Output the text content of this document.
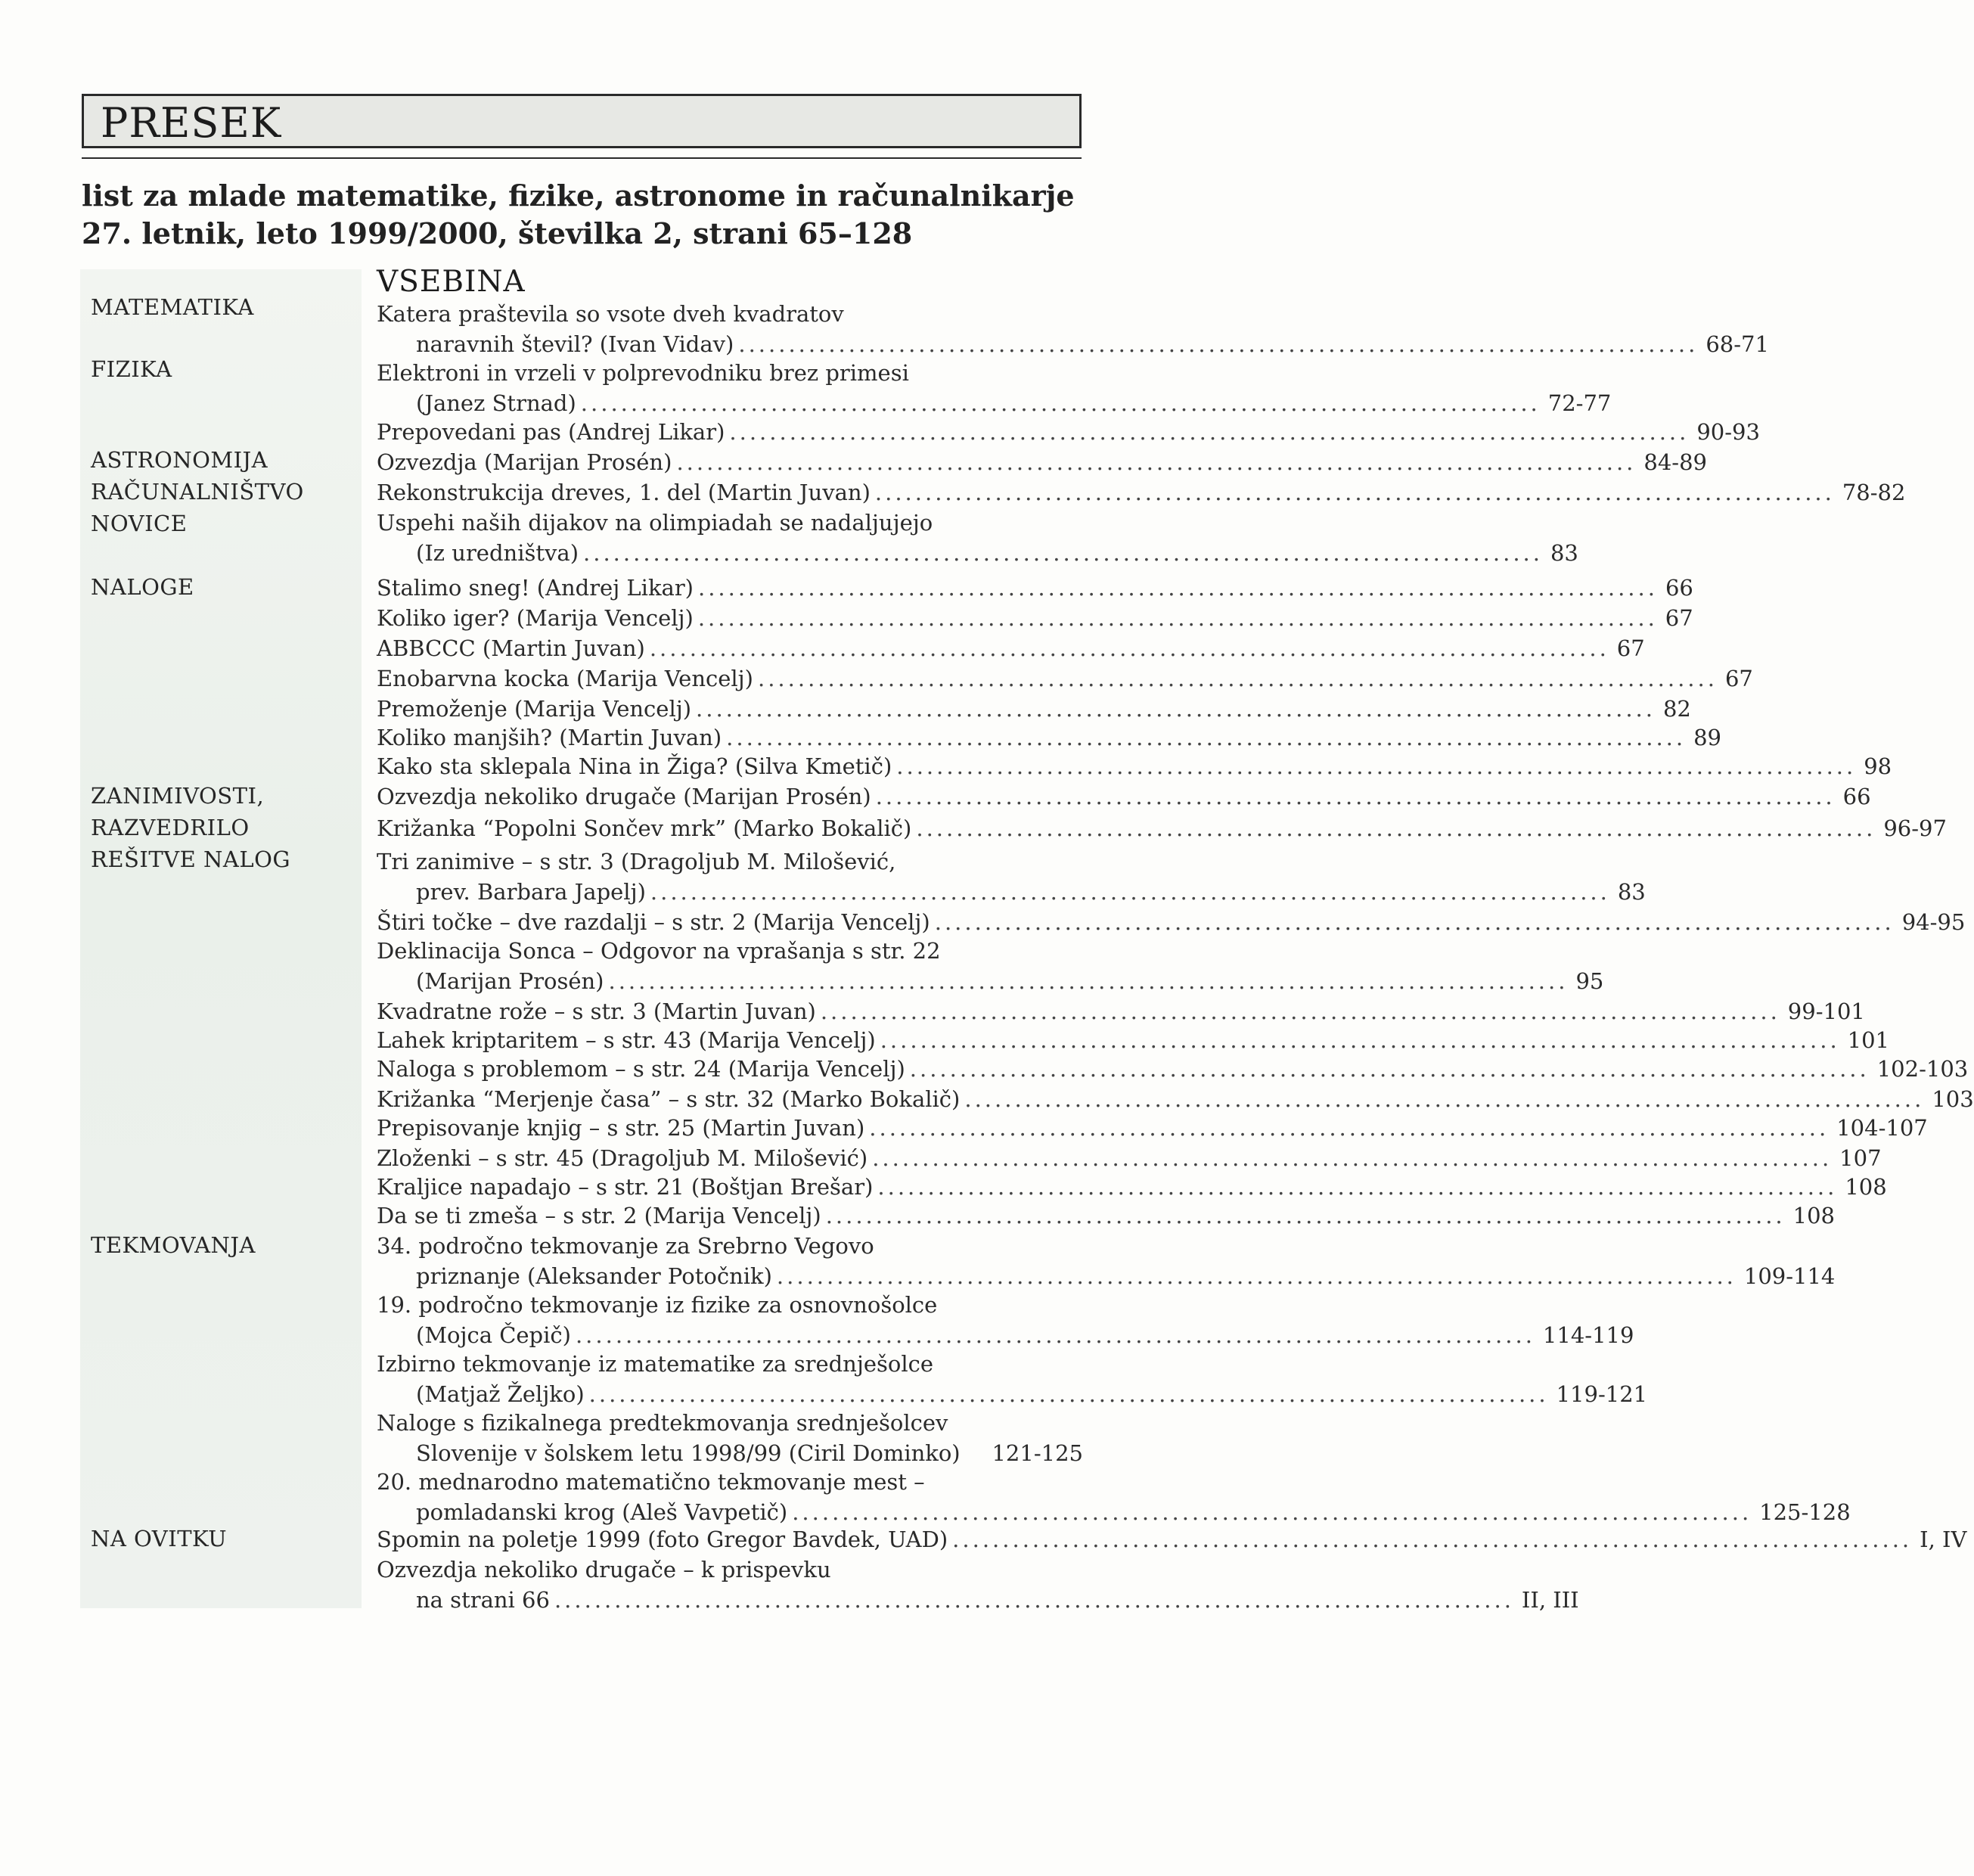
PRESEK
list za mlade matematike, fizike, astronome in računalnikarje
27. letnik, leto 1999/2000, številka 2, strani 65–128
MATEMATIKA
FIZIKA
ASTRONOMIJA
RAČUNALNIŠTVO
NOVICE
NALOGE
ZANIMIVOSTI,
RAZVEDRILO
REŠITVE NALOG
TEKMOVANJA
NA OVITKU
VSEBINA
Katera praštevila so vsote dveh kvadratov
naravnih števil? (Ivan Vidav) ................................................................................................ 68-71
Elektroni in vrzeli v polprevodniku brez primesi
(Janez Strnad) ................................................................................................ 72-77
Prepovedani pas (Andrej Likar) ................................................................................................ 90-93
Ozvezdja (Marijan Prosén) ................................................................................................ 84-89
Rekonstrukcija dreves, 1. del (Martin Juvan) ................................................................................................ 78-82
Uspehi naših dijakov na olimpiadah se nadaljujejo
(Iz uredništva) ................................................................................................ 83
Stalimo sneg! (Andrej Likar) ................................................................................................ 66
Koliko iger? (Marija Vencelj) ................................................................................................ 67
ABBCCC (Martin Juvan) ................................................................................................ 67
Enobarvna kocka (Marija Vencelj) ................................................................................................ 67
Premoženje (Marija Vencelj) ................................................................................................ 82
Koliko manjših? (Martin Juvan) ................................................................................................ 89
Kako sta sklepala Nina in Žiga? (Silva Kmetič) ................................................................................................ 98
Ozvezdja nekoliko drugače (Marijan Prosén) ................................................................................................ 66
Križanka “Popolni Sončev mrk” (Marko Bokalič) ................................................................................................ 96-97
Tri zanimive – s str. 3 (Dragoljub M. Milošević,
prev. Barbara Japelj) ................................................................................................ 83
Štiri točke – dve razdalji – s str. 2 (Marija Vencelj) ................................................................................................ 94-95
Deklinacija Sonca – Odgovor na vprašanja s str. 22
(Marijan Prosén) ................................................................................................ 95
Kvadratne rože – s str. 3 (Martin Juvan) ................................................................................................ 99-101
Lahek kriptaritem – s str. 43 (Marija Vencelj) ................................................................................................ 101
Naloga s problemom – s str. 24 (Marija Vencelj) ................................................................................................ 102-103
Križanka “Merjenje časa” – s str. 32 (Marko Bokalič) ................................................................................................ 103
Prepisovanje knjig – s str. 25 (Martin Juvan) ................................................................................................ 104-107
Zloženki – s str. 45 (Dragoljub M. Milošević) ................................................................................................ 107
Kraljice napadajo – s str. 21 (Boštjan Brešar) ................................................................................................ 108
Da se ti zmeša – s str. 2 (Marija Vencelj) ................................................................................................ 108
34. področno tekmovanje za Srebrno Vegovo
priznanje (Aleksander Potočnik) ................................................................................................ 109-114
19. področno tekmovanje iz fizike za osnovnošolce
(Mojca Čepič) ................................................................................................ 114-119
Izbirno tekmovanje iz matematike za srednješolce
(Matjaž Željko) ................................................................................................ 119-121
Naloge s fizikalnega predtekmovanja srednješolcev
Slovenije v šolskem letu 1998/99 (Ciril Dominko) 121-125
20. mednarodno matematično tekmovanje mest –
pomladanski krog (Aleš Vavpetič) ................................................................................................ 125-128
Spomin na poletje 1999 (foto Gregor Bavdek, UAD) ................................................................................................ I, IV
Ozvezdja nekoliko drugače – k prispevku
na strani 66 ................................................................................................ II, III
